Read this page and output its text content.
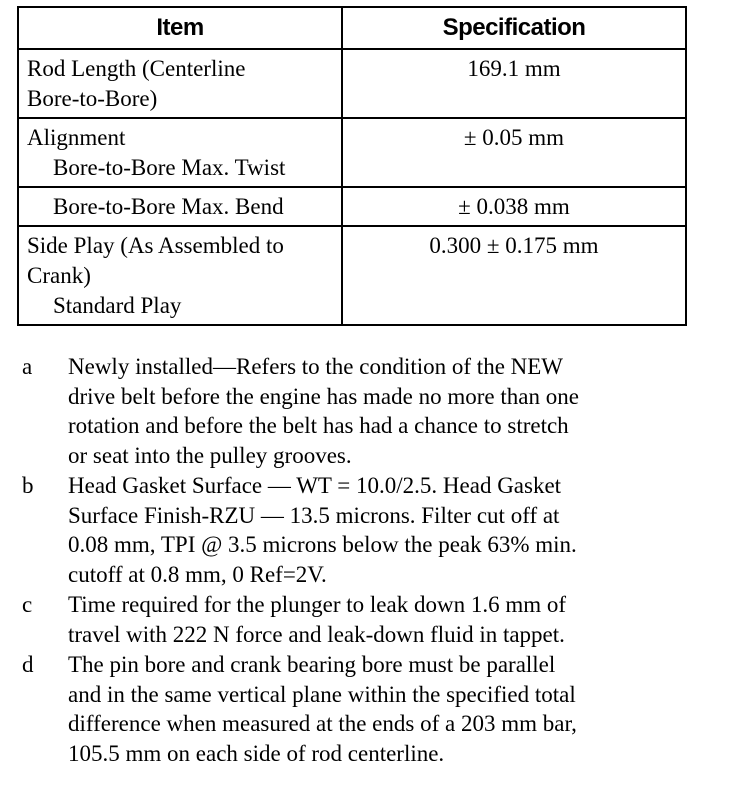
Item	Specification

Rod Length (Centerline
Bore-to-Bore)	169.1 mm

Alignment
Bore-to-Bore Max. Twist	± 0.05 mm

Bore-to-Bore Max. Bend	± 0.038 mm

Side Play (As Assembled to
Crank)
Standard Play	0.300 ± 0.175 mm
a	Newly installed—Refers to the condition of the NEW
drive belt before the engine has made no more than one
rotation and before the belt has had a chance to stretch
or seat into the pulley grooves.
b	Head Gasket Surface — WT = 10.0/2.5. Head Gasket
Surface Finish-RZU — 13.5 microns. Filter cut off at
0.08 mm, TPI @ 3.5 microns below the peak 63% min.
cutoff at 0.8 mm, 0 Ref=2V.
c	Time required for the plunger to leak down 1.6 mm of
travel with 222 N force and leak-down fluid in tappet.
d	The pin bore and crank bearing bore must be parallel
and in the same vertical plane within the specified total
difference when measured at the ends of a 203 mm bar,
105.5 mm on each side of rod centerline.
